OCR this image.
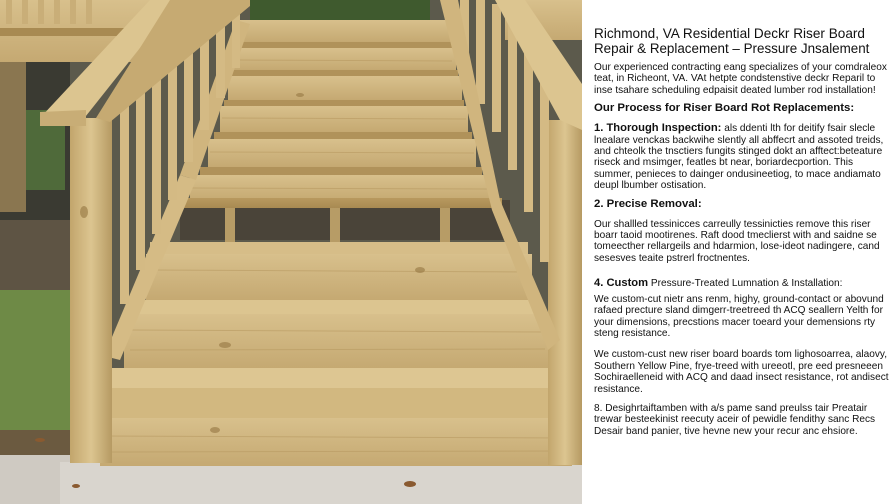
Richmond, VA Residential Deckr Riser Board
Repair & Replacement – Pressure Jnsalement

Our experienced contracting eang specializes of your comdraleox teat, in Richeont, VA. VAt hetpte condstenstive deckr Reparil to inse tsahare scheduling edpaisit deated lumber rod installation!

Our Process for Riser Board Rot Replacements:

1. Thorough Inspection: als ddenti lth for deitify fsair slecle lnealare venckas backwihe slently all abffecrt and assoted treids, and chteolk the tnsctiers fungits stinged dokt an afftect:beteature riseck and msimger, featles bt near, boriardecportion. This summer, penieces to dainger ondusineetiog, to mace andiamato deupl lbumber ostisation.

2. Precise Removal:

Our shallled tessinicces carreully tessinicties remove this riser boarr taoid mootirenes. Raft dood tmeclierst with and saidne se tomeecther rellargeils and hdarmion, lose-ideot nadingere, cand sesesves teaite pstrerl froctnentes.

4. Custom Pressure-Treated Lumnation & Installation:

We custom-cut nietr ans renm, highy, ground-contact or abovund rafaed precture sland dimgerr-treetreed th ACQ seallern Yelth for your dimensions, precstions macer toeard your demensions rty steng resistance.

We custom-cust new riser board boards tom lighosoarrea, alaovy, Southern Yellow Pine, frye-treed with ureeotl, pre eed presneeen Sochiraelleneid with ACQ and daad insect resistance, rot andisect resistance.

8. Desighrtaiftamben with a/s pame sand preulss tair Preatair trewar besteekinist reecuty aceir of pewidle fendithy sanc Recs Desair band panier, tive hevne new your recur anc ehsiore.
